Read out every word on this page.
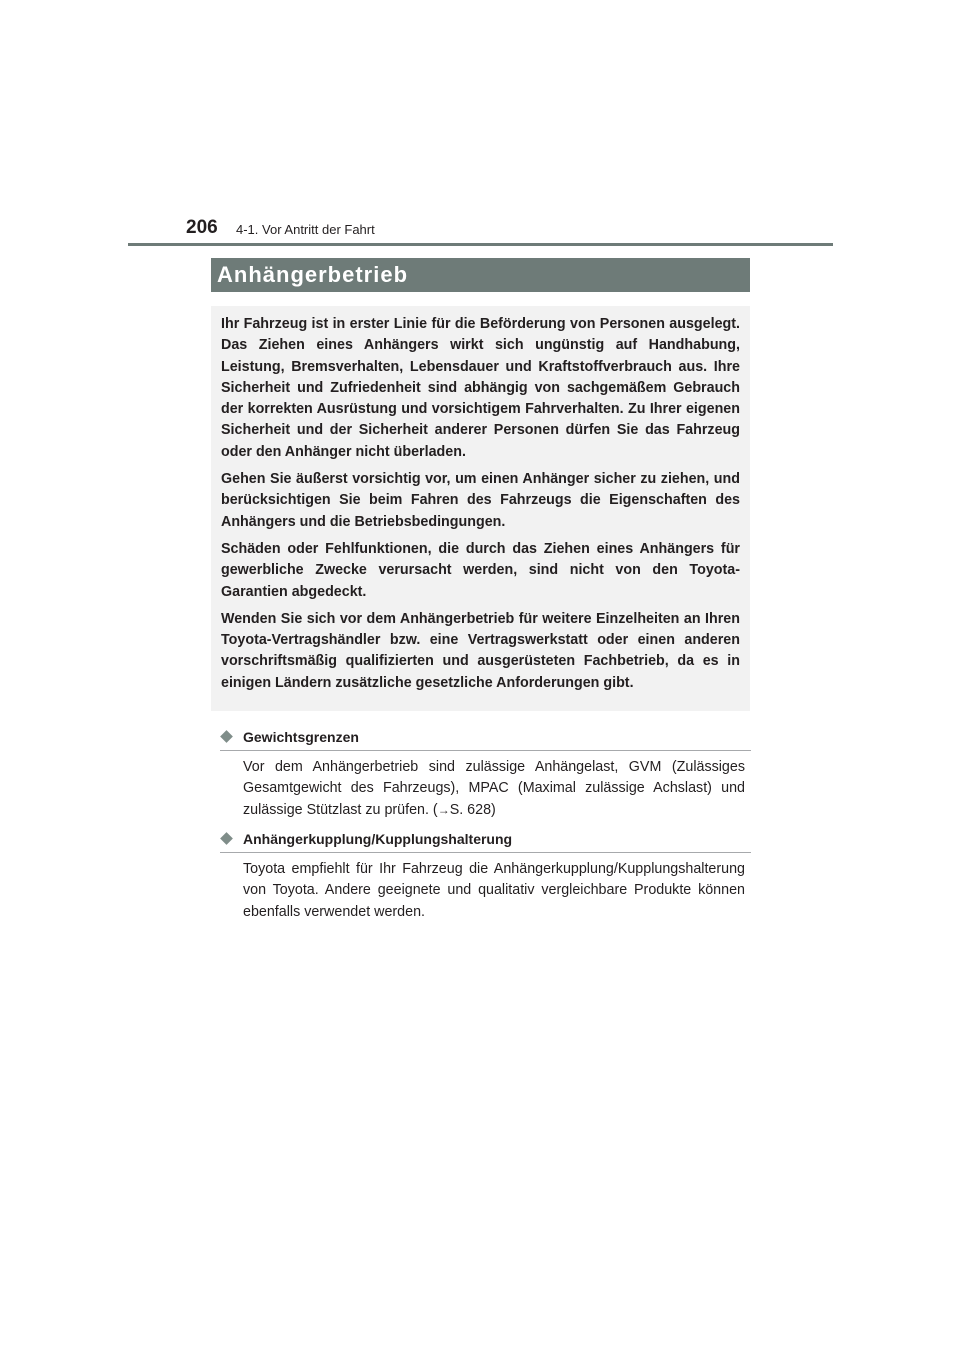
206 4-1. Vor Antritt der Fahrt
Anhängerbetrieb

Ihr Fahrzeug ist in erster Linie für die Beförderung von Personen ausgelegt. Das Ziehen eines Anhängers wirkt sich ungünstig auf Handhabung, Leistung, Bremsverhalten, Lebensdauer und Kraftstoffverbrauch aus. Ihre Sicherheit und Zufriedenheit sind abhängig von sachgemäßem Gebrauch der korrekten Ausrüstung und vorsichtigem Fahrverhalten. Zu Ihrer eigenen Sicherheit und der Sicherheit anderer Personen dürfen Sie das Fahrzeug oder den Anhänger nicht überladen.

Gehen Sie äußerst vorsichtig vor, um einen Anhänger sicher zu ziehen, und berücksichtigen Sie beim Fahren des Fahrzeugs die Eigenschaften des Anhängers und die Betriebsbedingungen.

Schäden oder Fehlfunktionen, die durch das Ziehen eines Anhängers für gewerbliche Zwecke verursacht werden, sind nicht von den Toyota-Garantien abgedeckt.

Wenden Sie sich vor dem Anhängerbetrieb für weitere Einzelheiten an Ihren Toyota-Vertragshändler bzw. eine Vertragswerkstatt oder einen anderen vorschriftsmäßig qualifizierten und ausgerüsteten Fachbetrieb, da es in einigen Ländern zusätzliche gesetzliche Anforderungen gibt.

Gewichtsgrenzen

Vor dem Anhängerbetrieb sind zulässige Anhängelast, GVM (Zulässiges Gesamtgewicht des Fahrzeugs), MPAC (Maximal zulässige Achslast) und zulässige Stützlast zu prüfen. (→S. 628)

Anhängerkupplung/Kupplungshalterung

Toyota empfiehlt für Ihr Fahrzeug die Anhängerkupplung/Kupplungshalterung von Toyota. Andere geeignete und qualitativ vergleichbare Produkte können ebenfalls verwendet werden.
